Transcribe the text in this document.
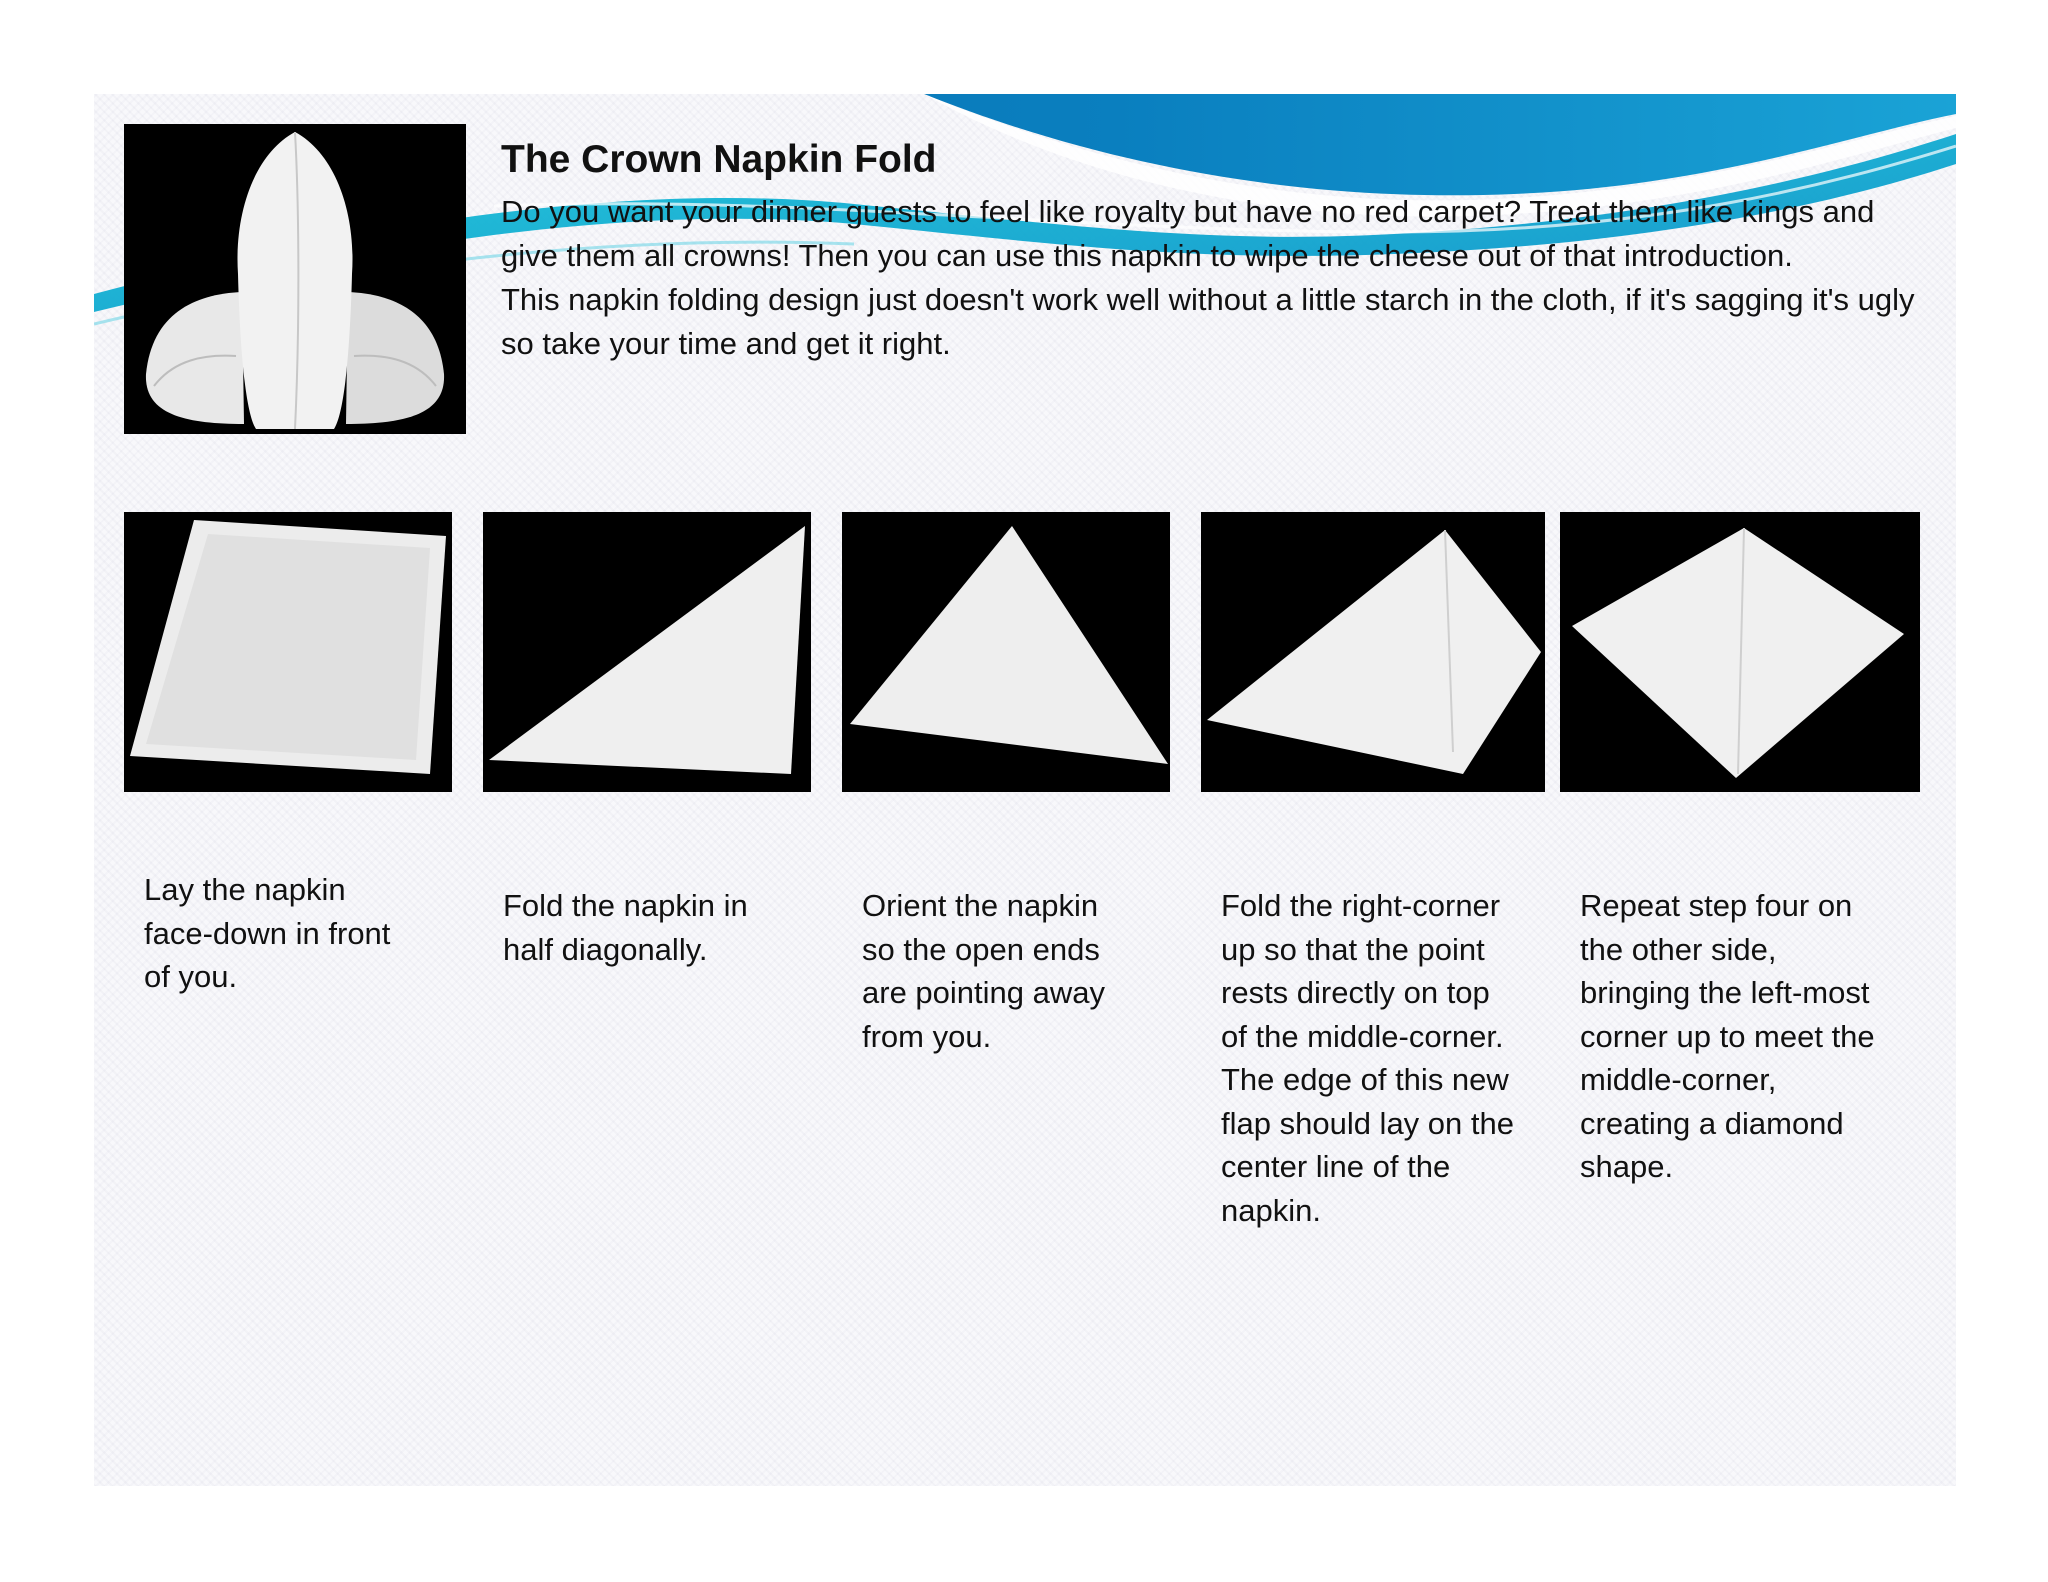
The Crown Napkin Fold

Do you want your dinner guests to feel like royalty but have no red carpet? Treat them like kings and give them all crowns! Then you can use this napkin to wipe the cheese out of that introduction.

This napkin folding design just doesn't work well without a little starch in the cloth, if it's sagging it's ugly so take your time and get it right.

Lay the napkin face-down in front of you.
Fold the napkin in half diagonally.
Orient the napkin so the open ends are pointing away from you.
Fold the right-corner up so that the point rests directly on top of the middle-corner. The edge of this new flap should lay on the center line of the napkin.
Repeat step four on the other side, bringing the left-most corner up to meet the middle-corner, creating a diamond shape.
